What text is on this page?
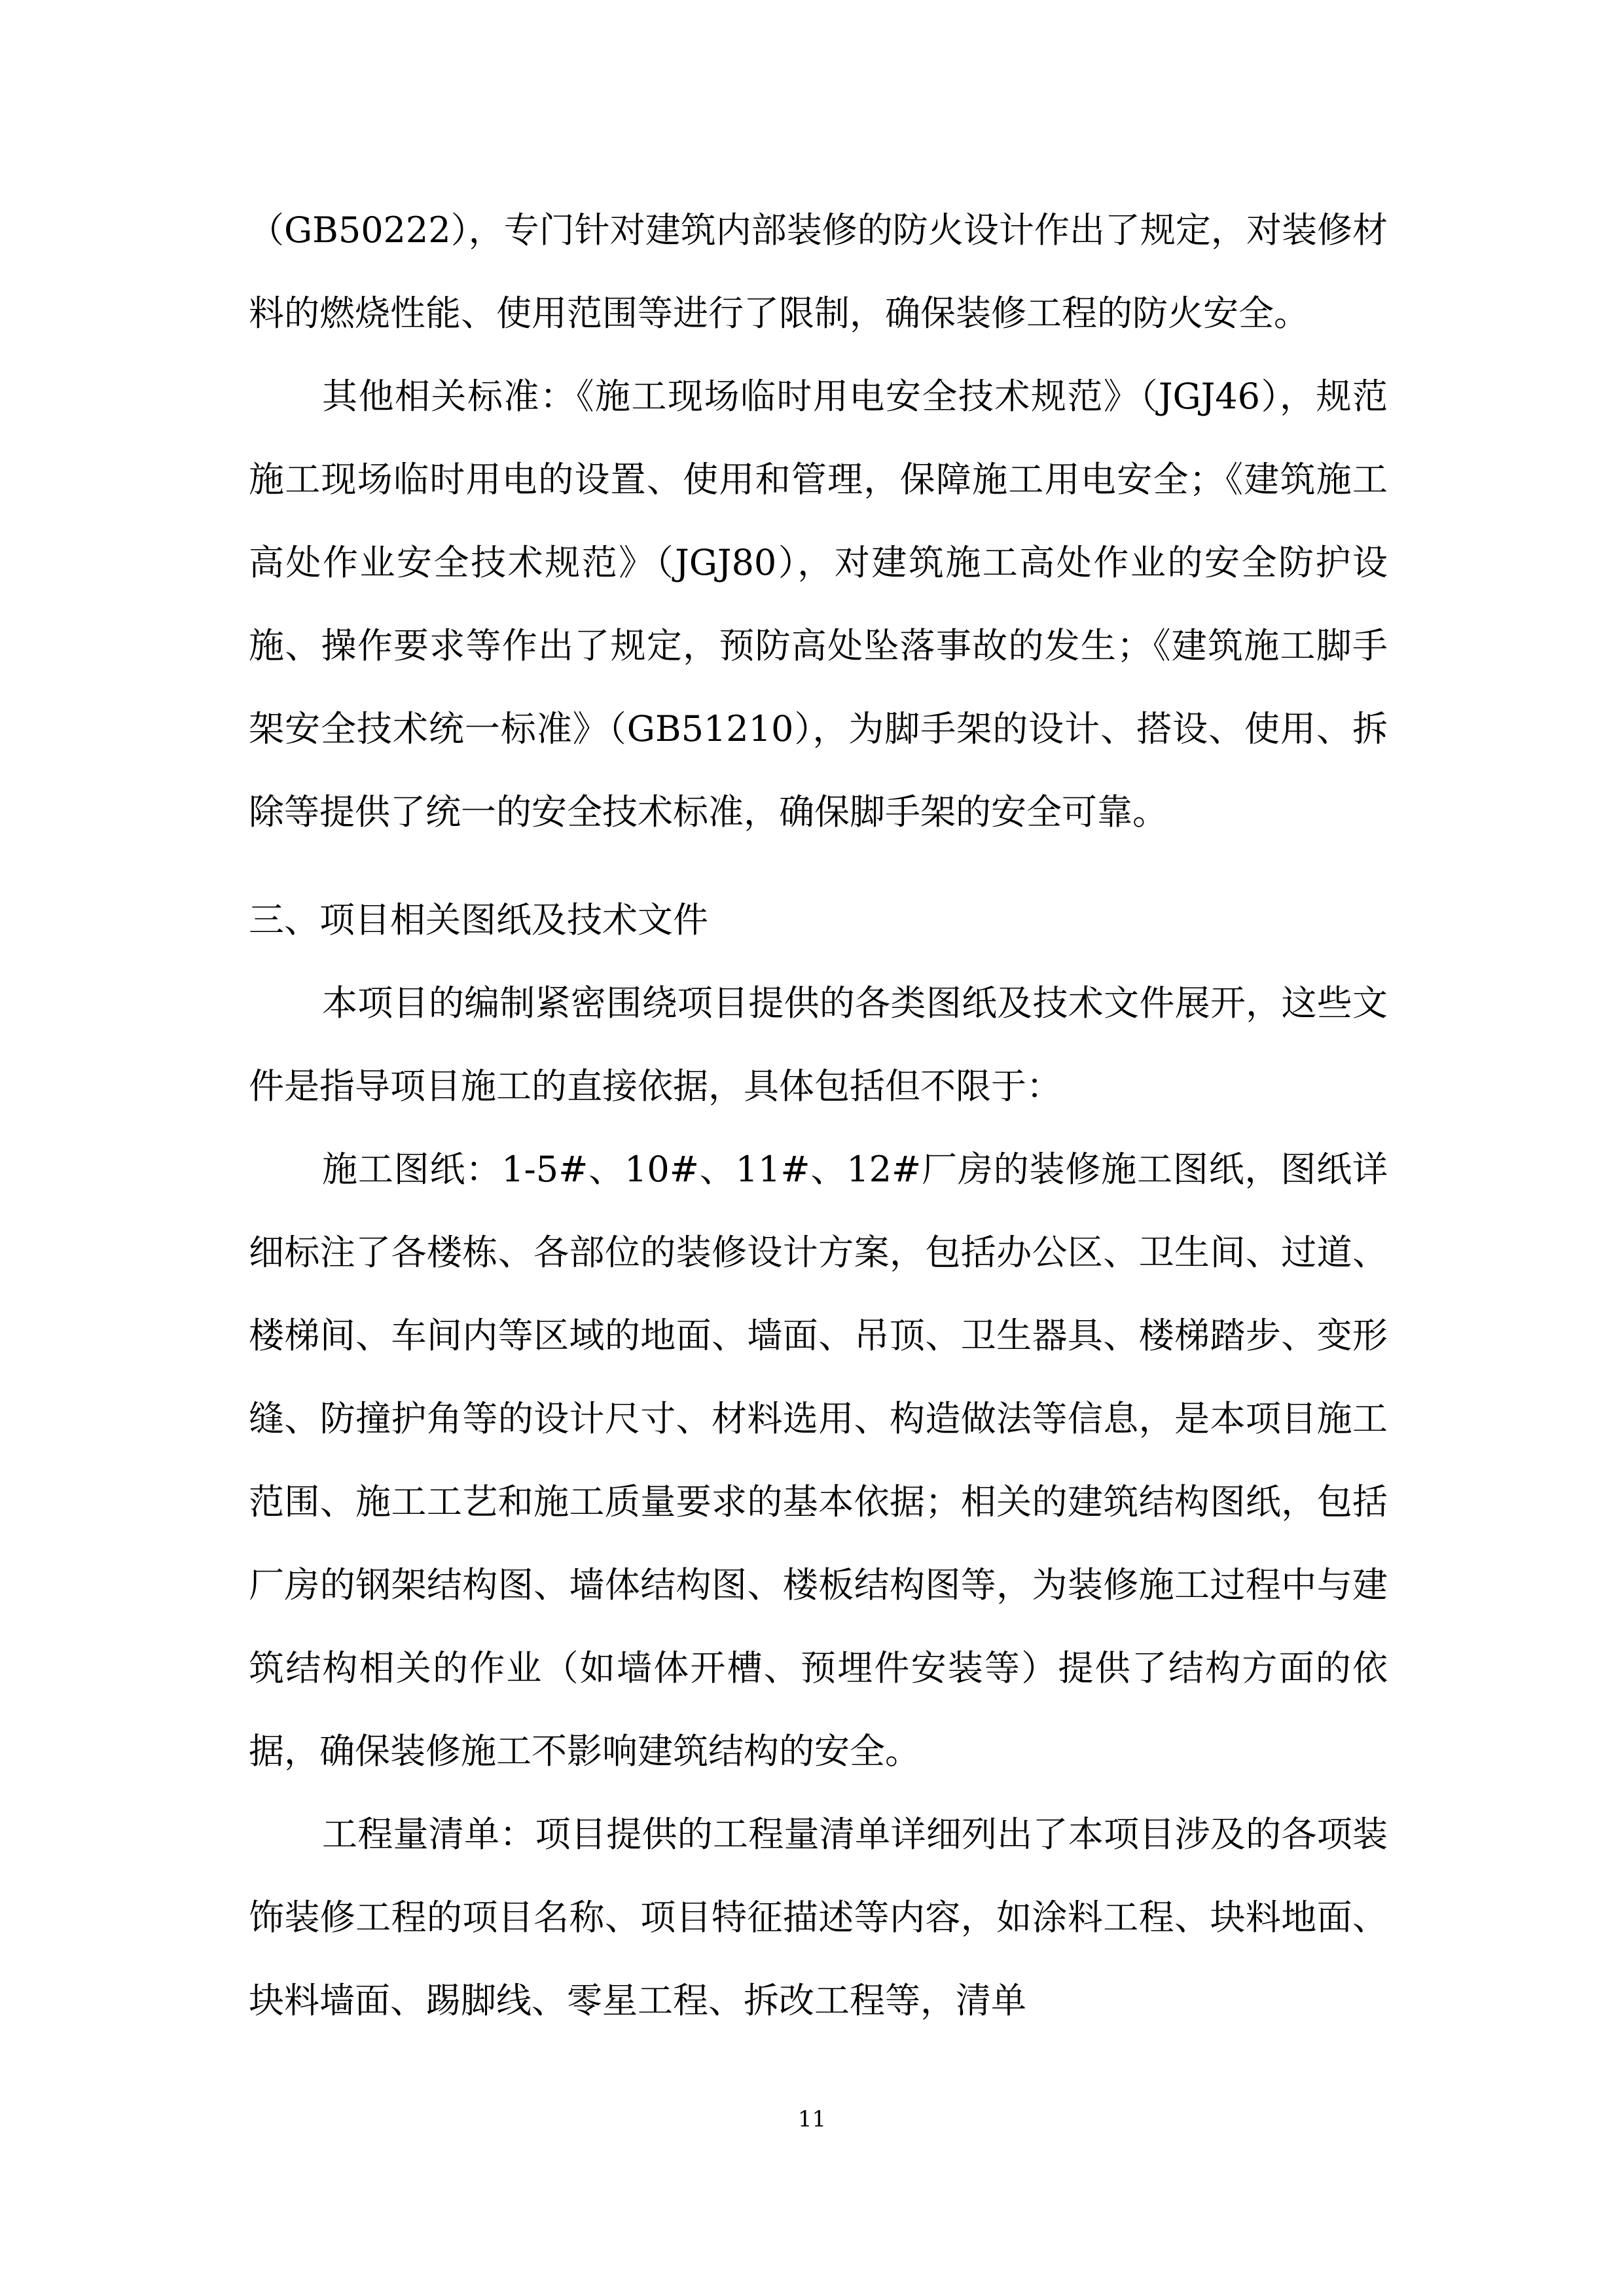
（GB50222），专门针对建筑内部装修的防火设计作出了规定，对装修材料的燃烧性能、使用范围等进行了限制，确保装修工程的防火安全。

其他相关标准：《施工现场临时用电安全技术规范》（JGJ46），规范施工现场临时用电的设置、使用和管理，保障施工用电安全；《建筑施工高处作业安全技术规范》（JGJ80），对建筑施工高处作业的安全防护设施、操作要求等作出了规定，预防高处坠落事故的发生；《建筑施工脚手架安全技术统一标准》（GB51210），为脚手架的设计、搭设、使用、拆除等提供了统一的安全技术标准，确保脚手架的安全可靠。

三、项目相关图纸及技术文件

本项目的编制紧密围绕项目提供的各类图纸及技术文件展开，这些文件是指导项目施工的直接依据，具体包括但不限于：

施工图纸：1-5#、10#、11#、12#厂房的装修施工图纸，图纸详细标注了各楼栋、各部位的装修设计方案，包括办公区、卫生间、过道、楼梯间、车间内等区域的地面、墙面、吊顶、卫生器具、楼梯踏步、变形缝、防撞护角等的设计尺寸、材料选用、构造做法等信息，是本项目施工范围、施工工艺和施工质量要求的基本依据；相关的建筑结构图纸，包括厂房的钢架结构图、墙体结构图、楼板结构图等，为装修施工过程中与建筑结构相关的作业（如墙体开槽、预埋件安装等）提供了结构方面的依据，确保装修施工不影响建筑结构的安全。

工程量清单：项目提供的工程量清单详细列出了本项目涉及的各项装饰装修工程的项目名称、项目特征描述等内容，如涂料工程、块料地面、块料墙面、踢脚线、零星工程、拆改工程等，清单

11
